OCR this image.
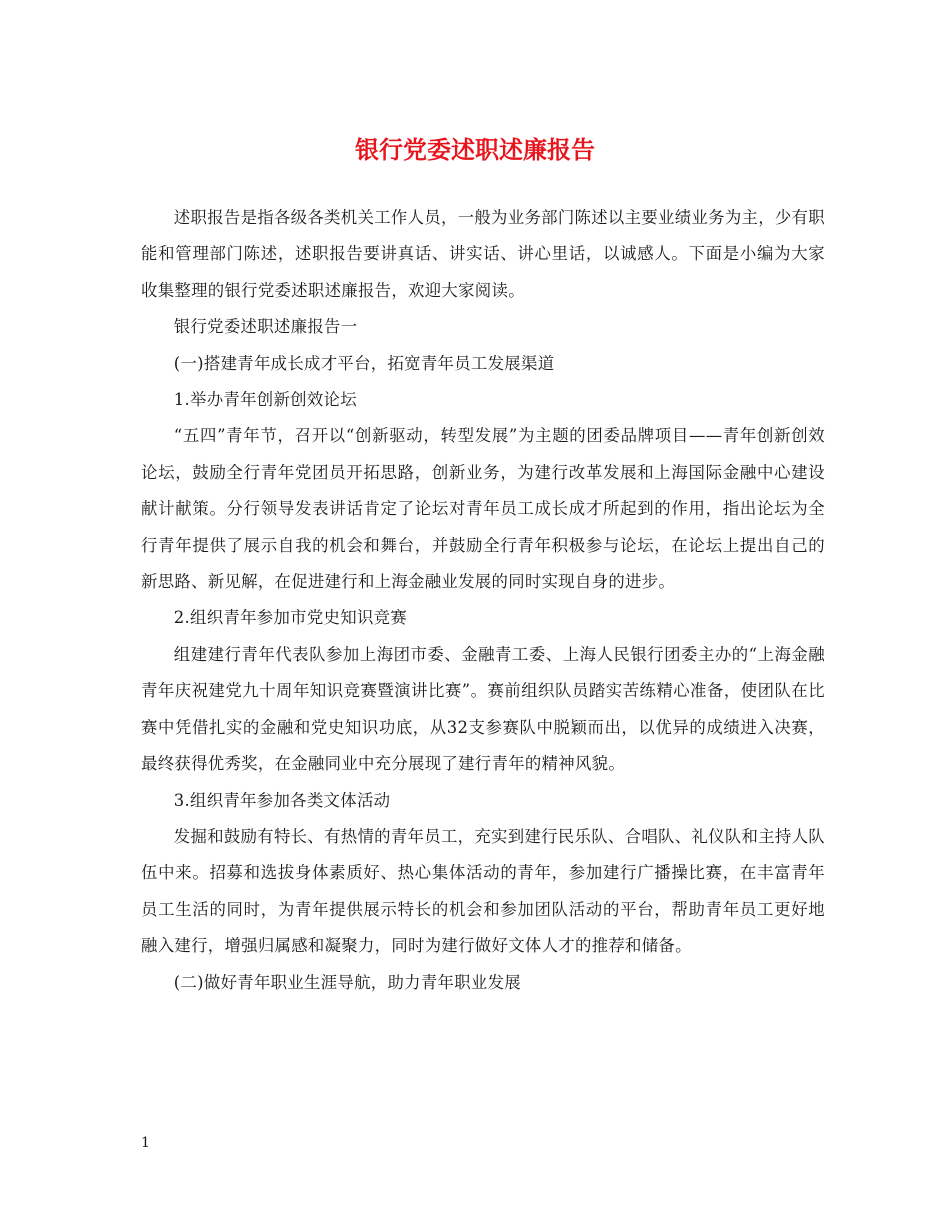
银行党委述职述廉报告

述职报告是指各级各类机关工作人员，一般为业务部门陈述以主要业绩业务为主，少有职能和管理部门陈述，述职报告要讲真话、讲实话、讲心里话，以诚感人。下面是小编为大家收集整理的银行党委述职述廉报告，欢迎大家阅读。

银行党委述职述廉报告一

(一)搭建青年成长成才平台，拓宽青年员工发展渠道

1.举办青年创新创效论坛

“五四”青年节，召开以“创新驱动，转型发展”为主题的团委品牌项目——青年创新创效论坛，鼓励全行青年党团员开拓思路，创新业务，为建行改革发展和上海国际金融中心建设献计献策。分行领导发表讲话肯定了论坛对青年员工成长成才所起到的作用，指出论坛为全行青年提供了展示自我的机会和舞台，并鼓励全行青年积极参与论坛，在论坛上提出自己的新思路、新见解，在促进建行和上海金融业发展的同时实现自身的进步。

2.组织青年参加市党史知识竞赛

组建建行青年代表队参加上海团市委、金融青工委、上海人民银行团委主办的“上海金融青年庆祝建党九十周年知识竞赛暨演讲比赛”。赛前组织队员踏实苦练精心准备，使团队在比赛中凭借扎实的金融和党史知识功底，从32支参赛队中脱颖而出，以优异的成绩进入决赛，最终获得优秀奖，在金融同业中充分展现了建行青年的精神风貌。

3.组织青年参加各类文体活动

发掘和鼓励有特长、有热情的青年员工，充实到建行民乐队、合唱队、礼仪队和主持人队伍中来。招募和选拔身体素质好、热心集体活动的青年，参加建行广播操比赛，在丰富青年员工生活的同时，为青年提供展示特长的机会和参加团队活动的平台，帮助青年员工更好地融入建行，增强归属感和凝聚力，同时为建行做好文体人才的推荐和储备。

(二)做好青年职业生涯导航，助力青年职业发展

1
